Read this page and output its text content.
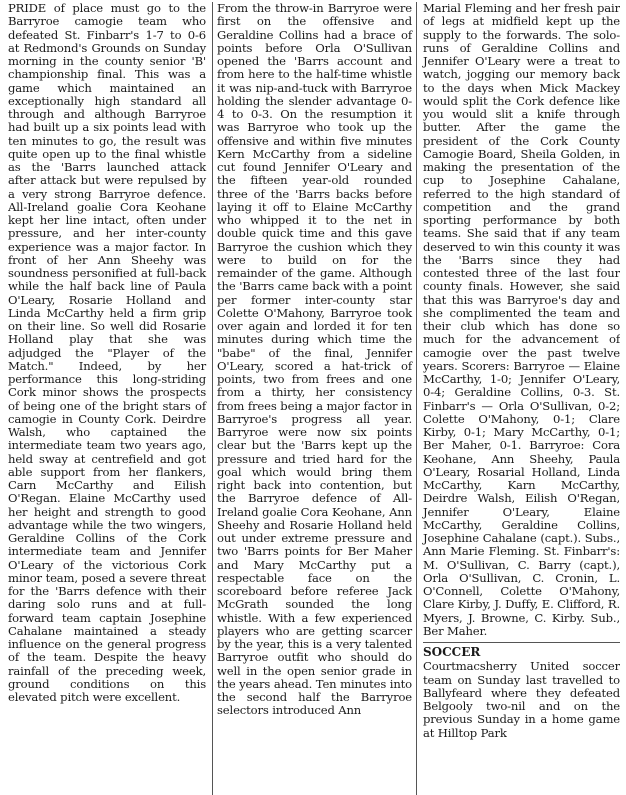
PRIDE of place must go to the Barryroe camogie team who defeated St. Finbarr's 1-7 to 0-6 at Redmond's Grounds on Sunday morning in the county senior 'B' championship final. This was a game which maintained an exceptionally high standard all through and although Barryroe had built up a six points lead with ten minutes to go, the result was quite open up to the final whistle as the 'Barrs launched attack after attack but were repulsed by a very strong Barryroe defence. All-Ireland goalie Cora Keohane kept her line intact, often under pressure, and her inter-county experience was a major factor. In front of her Ann Sheehy was soundness personified at full-back while the half back line of Paula O'Leary, Rosarie Holland and Linda McCarthy held a firm grip on their line. So well did Rosarie Holland play that she was adjudged the "Player of the Match." Indeed, by her performance this long-striding Cork minor shows the prospects of being one of the bright stars of camogie in County Cork. Deirdre Walsh, who captained the intermediate team two years ago, held sway at centrefield and got able support from her flankers, Carn McCarthy and Eilish O'Regan. Elaine McCarthy used her height and strength to good advantage while the two wingers, Geraldine Collins of the Cork intermediate team and Jennifer O'Leary of the victorious Cork minor team, posed a severe threat for the 'Barrs defence with their daring solo runs and at full-forward team captain Josephine Cahalane maintained a steady influence on the general progress of the team. Despite the heavy rainfall of the preceding week, ground conditions on this elevated pitch were excellent.

From the throw-in Barryroe were first on the offensive and Geraldine Collins had a brace of points before Orla O'Sullivan opened the 'Barrs account and from here to the half-time whistle it was nip-and-tuck with Barryroe holding the slender advantage 0-4 to 0-3. On the resumption it was Barryroe who took up the offensive and within five minutes Kern McCarthy from a sideline cut found Jennifer O'Leary and the fifteen year-old rounded three of the 'Barrs backs before laying it off to Elaine McCarthy who whipped it to the net in double quick time and this gave Barryroe the cushion which they were to build on for the remainder of the game. Although the 'Barrs came back with a point per former inter-county star Colette O'Mahony, Barryroe took over again and lorded it for ten minutes during which time the "babe" of the final, Jennifer O'Leary, scored a hat-trick of points, two from frees and one from a thirty, her consistency from frees being a major factor in Barryroe's progress all year. Barryroe were now six points clear but the 'Barrs kept up the pressure and tried hard for the goal which would bring them right back into contention, but the Barryroe defence of All-Ireland goalie Cora Keohane, Ann Sheehy and Rosarie Holland held out under extreme pressure and two 'Barrs points for Ber Maher and Mary McCarthy put a respectable face on the scoreboard before referee Jack McGrath sounded the long whistle. With a few experienced players who are getting scarcer by the year, this is a very talented Barryroe outfit who should do well in the open senior grade in the years ahead. Ten minutes into the second half the Barryroe selectors introduced Ann

Marial Fleming and her fresh pair of legs at midfield kept up the supply to the forwards. The solo-runs of Geraldine Collins and Jennifer O'Leary were a treat to watch, jogging our memory back to the days when Mick Mackey would split the Cork defence like you would slit a knife through butter. After the game the president of the Cork County Camogie Board, Sheila Golden, in making the presentation of the cup to Josephine Cahalane, referred to the high standard of competition and the grand sporting performance by both teams. She said that if any team deserved to win this county it was the 'Barrs since they had contested three of the last four county finals. However, she said that this was Barryroe's day and she complimented the team and their club which has done so much for the advancement of camogie over the past twelve years. Scorers: Barryroe — Elaine McCarthy, 1-0; Jennifer O'Leary, 0-4; Geraldine Collins, 0-3. St. Finbarr's — Orla O'Sullivan, 0-2; Colette O'Mahony, 0-1; Clare Kirby, 0-1; Mary McCarthy, 0-1; Ber Maher, 0-1. Barryroe: Cora Keohane, Ann Sheehy, Paula O'Leary, Rosarial Holland, Linda McCarthy, Karn McCarthy, Deirdre Walsh, Eilish O'Regan, Jennifer O'Leary, Elaine McCarthy, Geraldine Collins, Josephine Cahalane (capt.). Subs., Ann Marie Fleming. St. Finbarr's: M. O'Sullivan, C. Barry (capt.), Orla O'Sullivan, C. Cronin, L. O'Connell, Colette O'Mahony, Clare Kirby, J. Duffy, E. Clifford, R. Myers, J. Browne, C. Kirby. Sub., Ber Maher.

SOCCER

Courtmacsherry United soccer team on Sunday last travelled to Ballyfeard where they defeated Belgooly two-nil and on the previous Sunday in a home game at Hilltop Park
